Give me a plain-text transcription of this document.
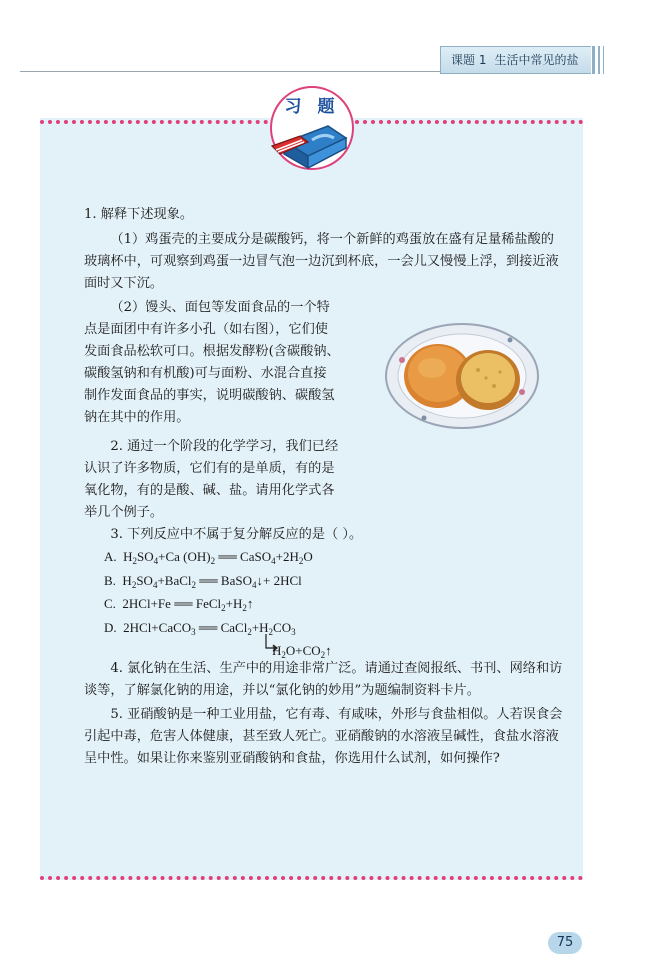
课题 1 生活中常见的盐
习 题
1. 解释下述现象。
（1）鸡蛋壳的主要成分是碳酸钙，将一个新鲜的鸡蛋放在盛有足量稀盐酸的玻璃杯中，可观察到鸡蛋一边冒气泡一边沉到杯底，一会儿又慢慢上浮，到接近液面时又下沉。

（2）馒头、面包等发面食品的一个特

点是面团中有许多小孔（如右图），它们使

发面食品松软可口。根据发酵粉(含碳酸钠、

碳酸氢钠和有机酸)可与面粉、水混合直接

制作发面食品的事实，说明碳酸钠、碳酸氢

钠在其中的作用。

2. 通过一个阶段的化学学习，我们已经

认识了许多物质，它们有的是单质，有的是

氧化物，有的是酸、碱、盐。请用化学式各

举几个例子。

3. 下列反应中不属于复分解反应的是（ ）。
A. $H_2SO_4+Ca$ $(OH)_2$ ══ $CaSO_4+2H_2O$
B. $H_2SO_4+BaCl_2$ ══ BaSO$_4$↓+ 2HCl
C. 2HCl+Fe ══ $FeCl_2+H_2↑$
D. 2HCl+CaCO$_3$ ══ $CaCl_2+H_2CO_3$
$H_2O+CO_2↑$
4. 氯化钠在生活、生产中的用途非常广泛。请通过查阅报纸、书刊、网络和访谈等，了解氯化钠的用途，并以“氯化钠的妙用”为题编制资料卡片。
5. 亚硝酸钠是一种工业用盐，它有毒、有咸味，外形与食盐相似。人若误食会引起中毒，危害人体健康，甚至致人死亡。亚硝酸钠的水溶液呈碱性，食盐水溶液呈中性。如果让你来鉴别亚硝酸钠和食盐，你选用什么试剂，如何操作?
75
